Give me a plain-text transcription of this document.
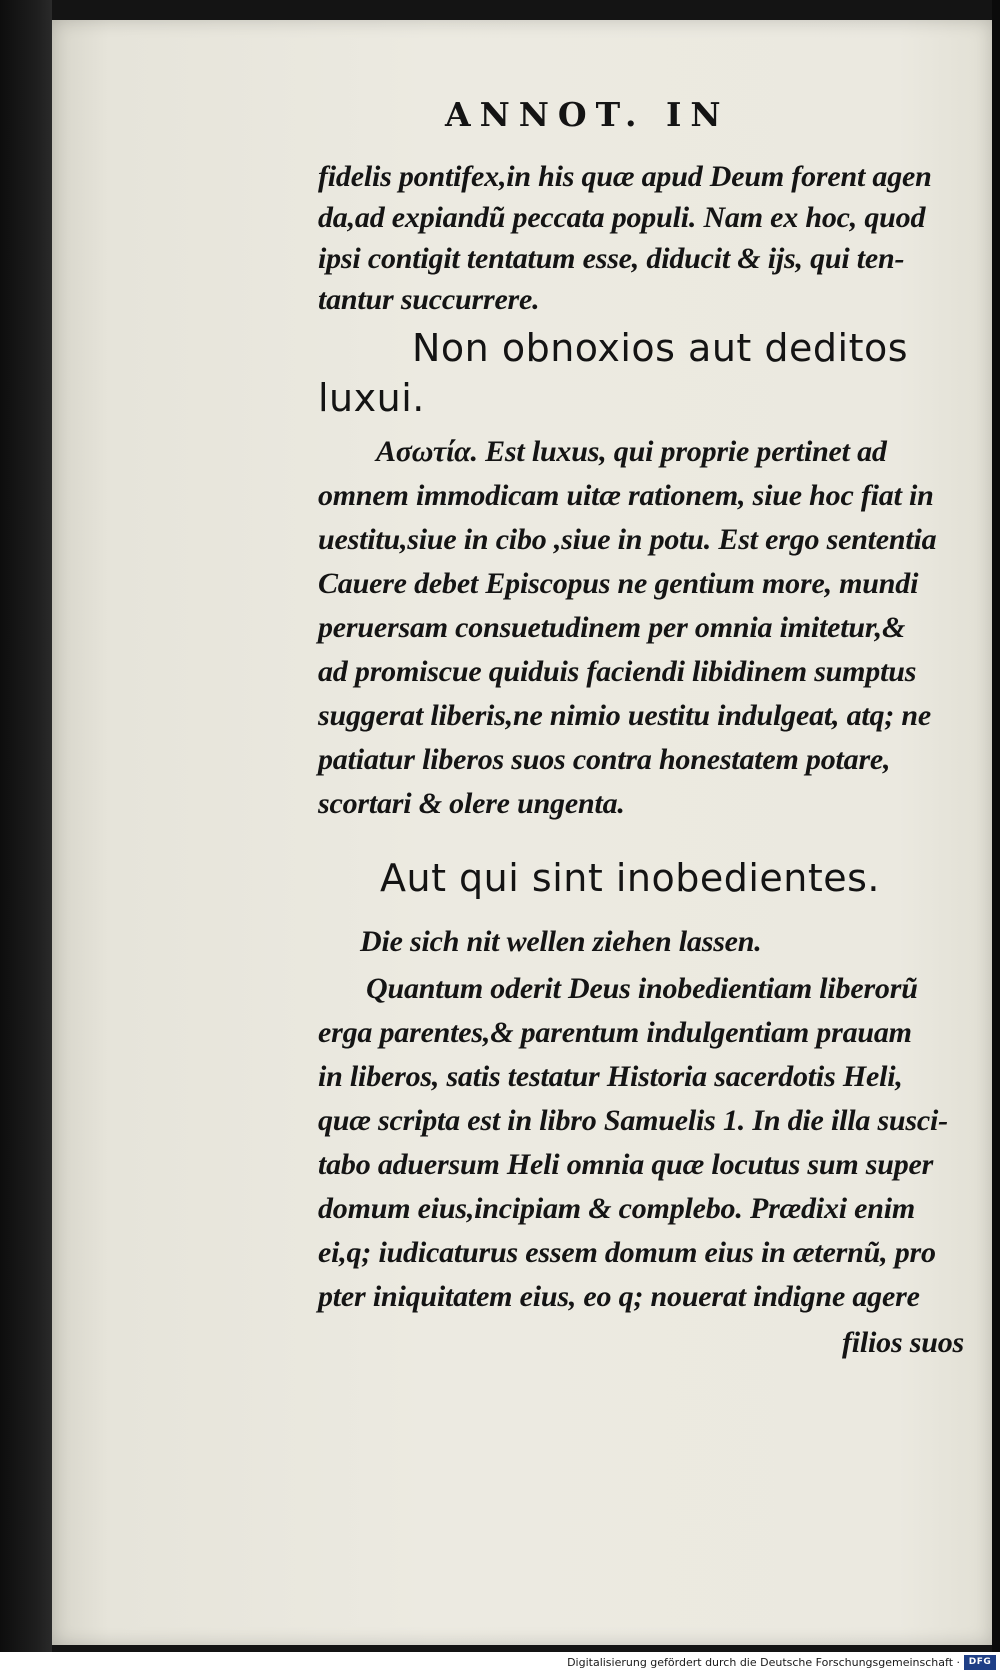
ANNOT. IN
fidelis pontifex,in his quæ apud Deum forent agen
da,ad expiandũ peccata populi. Nam ex hoc, quod
ipsi contigit tentatum esse, diducit & ijs, qui ten-
tantur succurrere.
Non obnoxios aut deditos
luxui.
Ασωτία. Est luxus, qui proprie pertinet ad
omnem immodicam uitæ rationem, siue hoc fiat in
uestitu,siue in cibo ,siue in potu. Est ergo sententia
Cauere debet Episcopus ne gentium more, mundi
peruersam consuetudinem per omnia imitetur,&
ad promiscue quiduis faciendi libidinem sumptus
suggerat liberis,ne nimio uestitu indulgeat, atq; ne
patiatur liberos suos contra honestatem potare,
scortari & olere ungenta.
Aut qui sint inobedientes.
Die sich nit wellen ziehen lassen.
Quantum oderit Deus inobedientiam liberorũ
erga parentes,& parentum indulgentiam prauam
in liberos, satis testatur Historia sacerdotis Heli,
quæ scripta est in libro Samuelis 1. In die illa susci-
tabo aduersum Heli omnia quæ locutus sum super
domum eius,incipiam & complebo. Prædixi enim
ei,q; iudicaturus essem domum eius in æternũ, pro
pter iniquitatem eius, eo q; nouerat indigne agere
filios suos
Digitalisierung gefördert durch die Deutsche Forschungsgemeinschaft · DFG
